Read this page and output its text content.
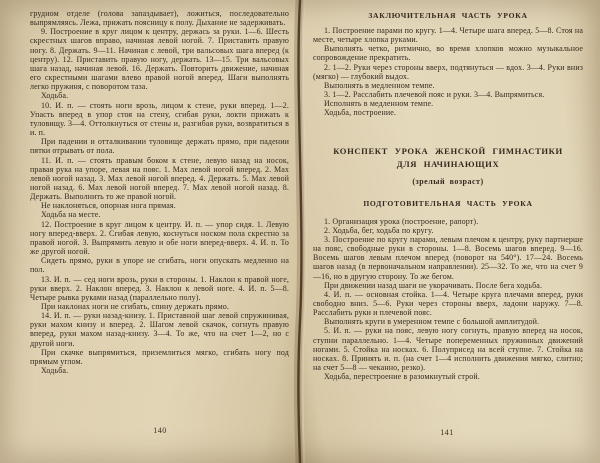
грудном отделе (голова запаздывает), ложиться, последовательно выпрямляясь. Лежа, прижать поясницу к полу. Дыхание не задерживать.

9. Построение в круг лицом к центру, держась за руки. 1—6. Шесть скрестных шагов вправо, начиная левой ногой. 7. Приставить правую ногу. 8. Держать. 9—11. Начиная с левой, три вальсовых шага вперед (к центру). 12. Приставить правую ногу, держать. 13—15. Три вальсовых шага назад, начиная левой. 16. Держать. Повторить движение, начиная его скрестными шагами влево правой ногой вперед. Шаги выполнять легко пружиня, с поворотом таза.

Ходьба.

10. И. п. — стоять ноги врозь, лицом к стене, руки вперед. 1—2. Упасть вперед в упор стоя на стену, сгибая руки, локти прижать к туловищу. 3—4. Оттолкнуться от стены и, разгибая руки, возвратиться в и. п.

При падении и отталкивании туловище держать прямо, при падении пятки отрывать от пола.

11. И. п. — стоять правым боком к стене, левую назад на носок, правая рука на упоре, левая на пояс. 1. Мах левой ногой вперед. 2. Мах левой ногой назад. 3. Мах левой ногой вперед. 4. Держать. 5. Мах левой ногой назад. 6. Мах левой ногой вперед. 7. Мах левой ногой назад. 8. Держать. Выполнить то же правой ногой.

Не наклоняться, опорная нога прямая.

Ходьба на месте.

12. Построение в круг лицом к центру. И. п. — упор сидя. 1. Левую ногу вперед-вверх. 2. Сгибая левую, коснуться носком пола скрестно за правой ногой. 3. Выпрямить левую и обе ноги вперед-вверх. 4. И. п. То же другой ногой.

Сидеть прямо, руки в упоре не сгибать, ноги опускать медленно на пол.

13. И. п. — сед ноги врозь, руки в стороны. 1. Наклон к правой ноге, руки вверх. 2. Наклон вперед. 3. Наклон к левой ноге. 4. И. п. 5—8. Четыре рывка руками назад (параллельно полу).

При наклонах ноги не сгибать, спину держать прямо.

14. И. п. — руки назад-книзу. 1. Приставной шаг левой спружинивая, руки махом книзу и вперед. 2. Шагом левой скачок, согнуть правую вперед, руки махом назад-книзу. 3—4. То же, что на счет 1—2, но с другой ноги.

При скачке выпрямиться, приземлиться мягко, сгибать ногу под прямым углом.

Ходьба.

140
ЗАКЛЮЧИТЕЛЬНАЯ ЧАСТЬ УРОКА

1. Построение парами по кругу. 1—4. Четыре шага вперед. 5—8. Стоя на месте, четыре хлопка руками.

Выполнять четко, ритмично, во время хлопков можно музыкальное сопровождение прекратить.

2. 1—2. Руки через стороны вверх, подтянуться — вдох. 3—4. Руки вниз (мягко) — глубокий выдох.

Выполнять в медленном темпе.

3. 1—2. Расслабить плечевой пояс и руки. 3—4. Выпрямиться.

Исполнять в медленном темпе.

Ходьба, построение.

КОНСПЕКТ УРОКА ЖЕНСКОЙ ГИМНАСТИКИ
ДЛЯ НАЧИНАЮЩИХ
(зрелый возраст)
ПОДГОТОВИТЕЛЬНАЯ ЧАСТЬ УРОКА

1. Организация урока (построение, рапорт).

2. Ходьба, бег, ходьба по кругу.

3. Построение по кругу парами, левым плечом к центру, руку партнерше на пояс, свободные руки в стороны. 1—8. Восемь шагов вперед. 9—16. Восемь шагов левым плечом вперед (поворот на 540°). 17—24. Восемь шагов назад (в первоначальном направлении). 25—32. То же, что на счет 9—16, но в другую сторону. То же бегом.

При движении назад шаги не укорачивать. После бега ходьба.

4. И. п. — основная стойка. 1—4. Четыре круга плечами вперед, руки свободно вниз. 5—6. Руки через стороны вверх, ладони наружу. 7—8. Расслабить руки и плечевой пояс.

Выполнять круги в умеренном темпе с большой амплитудой.

5. И. п. — руки на пояс, левую ногу согнуть, правую вперед на носок, ступни параллельно. 1—4. Четыре попеременных пружинных движений ногами. 5. Стойка на носках. 6. Полуприсед на всей ступне. 7. Стойка на носках. 8. Принять и. п. (на счет 1—4 исполнить движения мягко, слитно; на счет 5—8 — чеканно, резко).

Ходьба, перестроение в разомкнутый строй.

141
